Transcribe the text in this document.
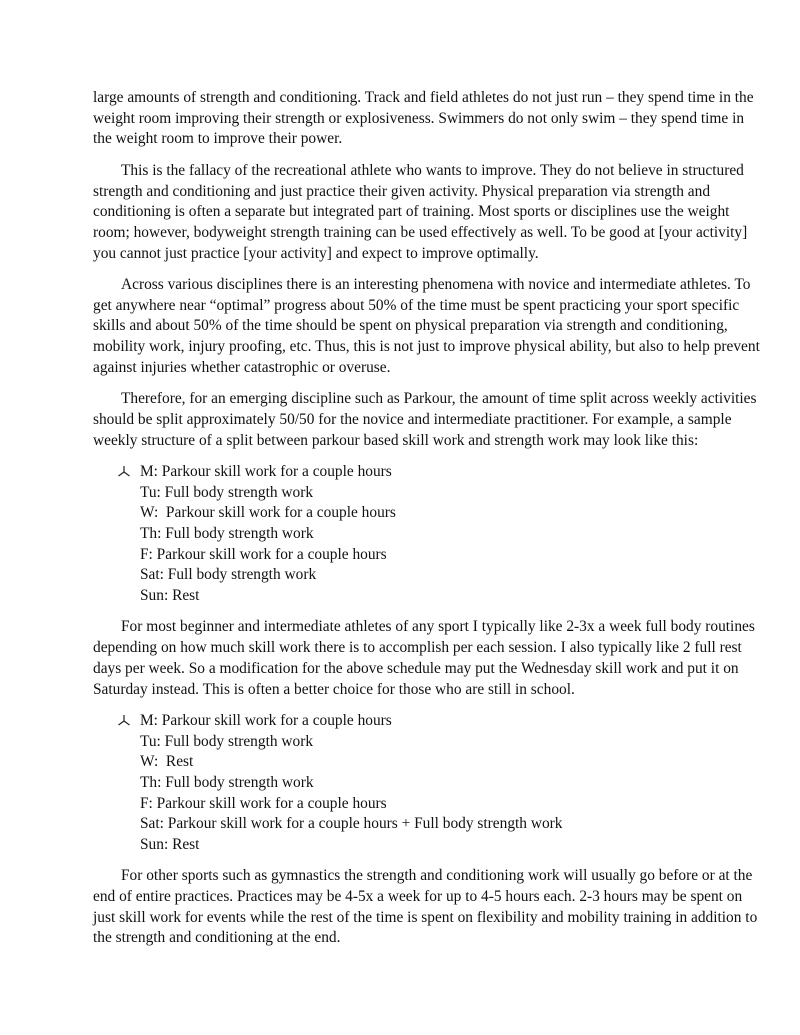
large amounts of strength and conditioning. Track and field athletes do not just run – they spend time in the weight room improving their strength or explosiveness. Swimmers do not only swim – they spend time in the weight room to improve their power.

This is the fallacy of the recreational athlete who wants to improve. They do not believe in structured strength and conditioning and just practice their given activity. Physical preparation via strength and conditioning is often a separate but integrated part of training. Most sports or disciplines use the weight room; however, bodyweight strength training can be used effectively as well. To be good at [your activity] you cannot just practice [your activity] and expect to improve optimally.

Across various disciplines there is an interesting phenomena with novice and intermediate athletes. To get anywhere near “optimal” progress about 50% of the time must be spent practicing your sport specific skills and about 50% of the time should be spent on physical preparation via strength and conditioning, mobility work, injury proofing, etc. Thus, this is not just to improve physical ability, but also to help prevent against injuries whether catastrophic or overuse.

Therefore, for an emerging discipline such as Parkour, the amount of time split across weekly activities should be split approximately 50/50 for the novice and intermediate practitioner. For example, a sample weekly structure of a split between parkour based skill work and strength work may look like this:

M: Parkour skill work for a couple hours
Tu: Full body strength work
W:  Parkour skill work for a couple hours
Th: Full body strength work
F: Parkour skill work for a couple hours
Sat: Full body strength work
Sun: Rest

For most beginner and intermediate athletes of any sport I typically like 2-3x a week full body routines depending on how much skill work there is to accomplish per each session. I also typically like 2 full rest days per week. So a modification for the above schedule may put the Wednesday skill work and put it on Saturday instead. This is often a better choice for those who are still in school.

M: Parkour skill work for a couple hours
Tu: Full body strength work
W:  Rest
Th: Full body strength work
F: Parkour skill work for a couple hours
Sat: Parkour skill work for a couple hours + Full body strength work
Sun: Rest

For other sports such as gymnastics the strength and conditioning work will usually go before or at the end of entire practices. Practices may be 4-5x a week for up to 4-5 hours each. 2-3 hours may be spent on just skill work for events while the rest of the time is spent on flexibility and mobility training in addition to the strength and conditioning at the end.
